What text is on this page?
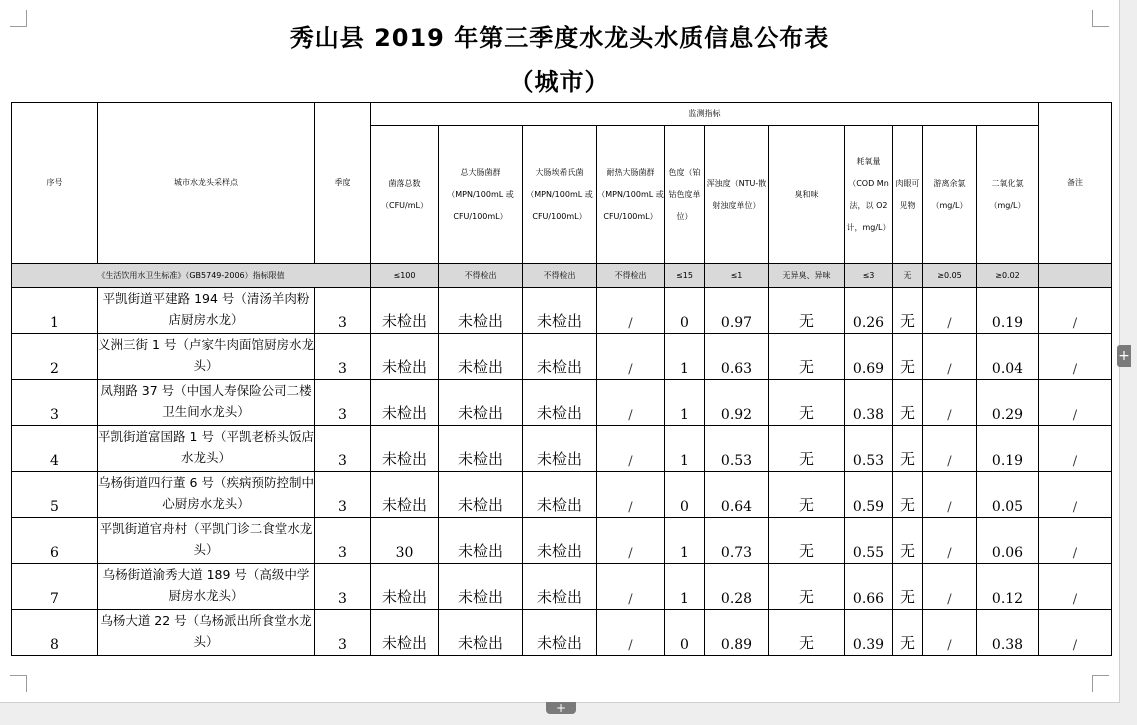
秀山县 2019 年第三季度水龙头水质信息公布表
（城市）
序号	城市水龙头采样点	季度	监测指标											备注
			菌落总数（CFU/mL）	总大肠菌群（MPN/100mL 或 CFU/100mL）	大肠埃希氏菌（MPN/100mL 或 CFU/100mL）	耐热大肠菌群（MPN/100mL 或 CFU/100mL）	色度（铂钴色度单位）	浑浊度（NTU-散射浊度单位）	臭和味	耗氧量（COD Mn 法，以 O2 计，mg/L）	肉眼可见物	游离余氯（mg/L）	二氧化氯（mg/L）	
《生活饮用水卫生标准》（GB5749-2006）指标限值			≤100	不得检出	不得检出	不得检出	≤15	≤1	无异臭、异味	≤3	无	≥0.05	≥0.02	
1	平凯街道平建路 194 号（清汤羊肉粉店厨房水龙）	3	未检出	未检出	未检出	/	0	0.97	无	0.26	无	/	0.19	/
2	义洲三街 1 号（卢家牛肉面馆厨房水龙头）	3	未检出	未检出	未检出	/	1	0.63	无	0.69	无	/	0.04	/
3	凤翔路 37 号（中国人寿保险公司二楼卫生间水龙头）	3	未检出	未检出	未检出	/	1	0.92	无	0.38	无	/	0.29	/
4	平凯街道富国路 1 号（平凯老桥头饭店水龙头）	3	未检出	未检出	未检出	/	1	0.53	无	0.53	无	/	0.19	/
5	乌杨街道四行董 6 号（疾病预防控制中心厨房水龙头）	3	未检出	未检出	未检出	/	0	0.64	无	0.59	无	/	0.05	/
6	平凯街道官舟村（平凯门诊二食堂水龙头）	3	30	未检出	未检出	/	1	0.73	无	0.55	无	/	0.06	/
7	乌杨街道渝秀大道 189 号（高级中学厨房水龙头）	3	未检出	未检出	未检出	/	1	0.28	无	0.66	无	/	0.12	/
8	乌杨大道 22 号（乌杨派出所食堂水龙头）	3	未检出	未检出	未检出	/	0	0.89	无	0.39	无	/	0.38	/
+
+
